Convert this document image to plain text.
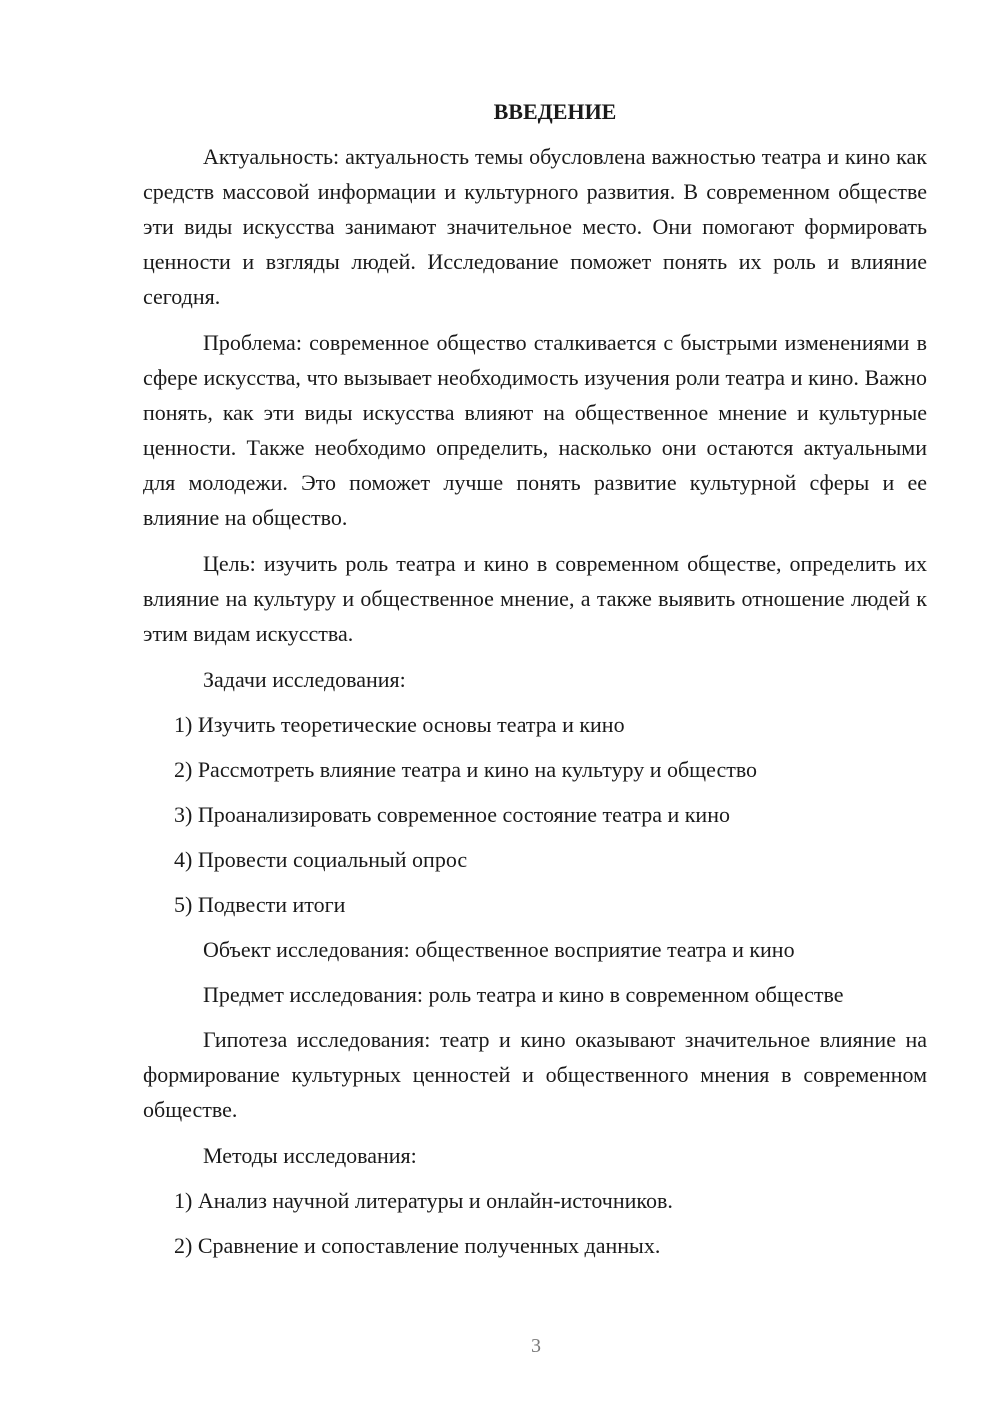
ВВЕДЕНИЕ

Актуальность: актуальность темы обусловлена важностью театра и кино как средств массовой информации и культурного развития. В современном обществе эти виды искусства занимают значительное место. Они помогают формировать ценности и взгляды людей. Исследование поможет понять их роль и влияние сегодня.

Проблема: современное общество сталкивается с быстрыми изменениями в сфере искусства, что вызывает необходимость изучения роли театра и кино. Важно понять, как эти виды искусства влияют на общественное мнение и культурные ценности. Также необходимо определить, насколько они остаются актуальными для молодежи. Это поможет лучше понять развитие культурной сферы и ее влияние на общество.

Цель: изучить роль театра и кино в современном обществе, определить их влияние на культуру и общественное мнение, а также выявить отношение людей к этим видам искусства.

Задачи исследования:

1) Изучить теоретические основы театра и кино
2) Рассмотреть влияние театра и кино на культуру и общество
3) Проанализировать современное состояние театра и кино
4) Провести социальный опрос
5) Подвести итоги

Объект исследования: общественное восприятие театра и кино

Предмет исследования: роль театра и кино в современном обществе

Гипотеза исследования: театр и кино оказывают значительное влияние на формирование культурных ценностей и общественного мнения в современном обществе.

Методы исследования:

1) Анализ научной литературы и онлайн-источников.
2) Сравнение и сопоставление полученных данных.
3
